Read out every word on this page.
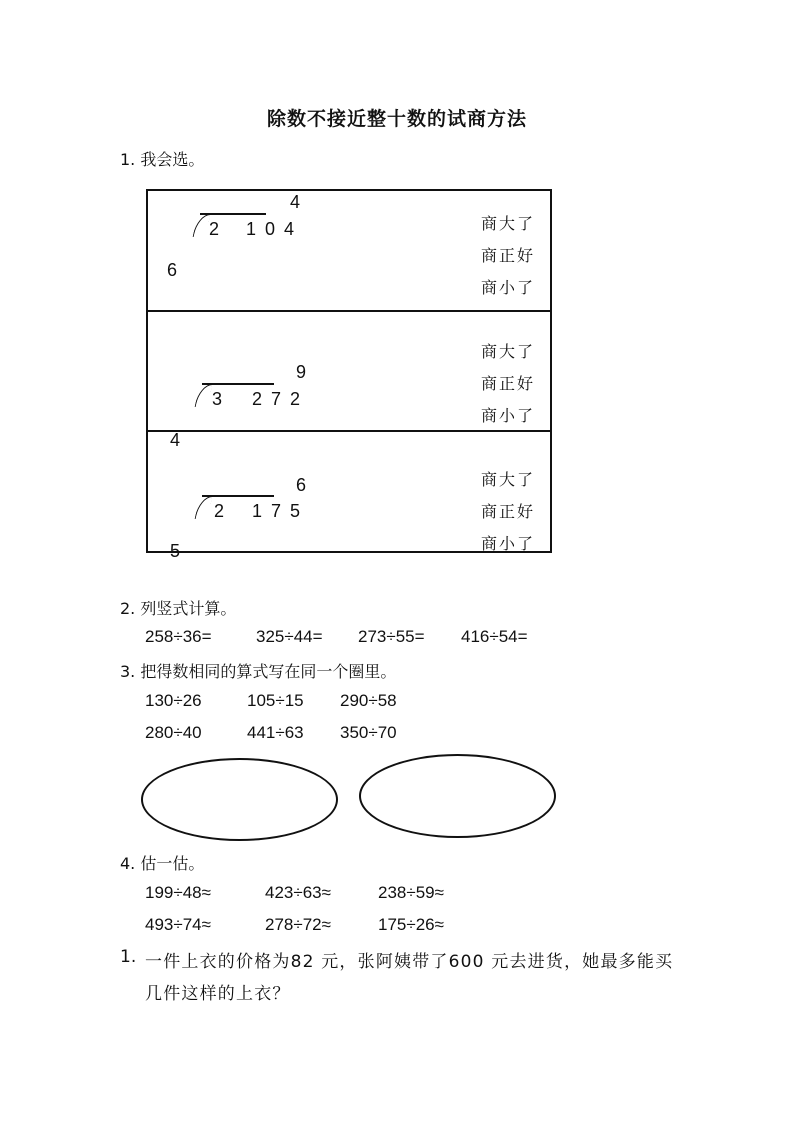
除数不接近整十数的试商方法
1. 我会选。
4
2 1 0 4
6
商大了
商正好
商小了
9
3 2 7 2
4
商大了
商正好
商小了
6
2 1 7 5
5
商大了
商正好
商小了
2. 列竖式计算。
258÷36=	325÷44= 273÷55= 416÷54=
3. 把得数相同的算式写在同一个圈里。
130÷26	105÷15 290÷58
280÷40	441÷63 350÷70
4. 估一估。
199÷48≈	423÷63≈	238÷59≈
493÷74≈	278÷72≈	175÷26≈
1. 一件上衣的价格为82 元，张阿姨带了600 元去进货，她最多能买
几件这样的上衣？
